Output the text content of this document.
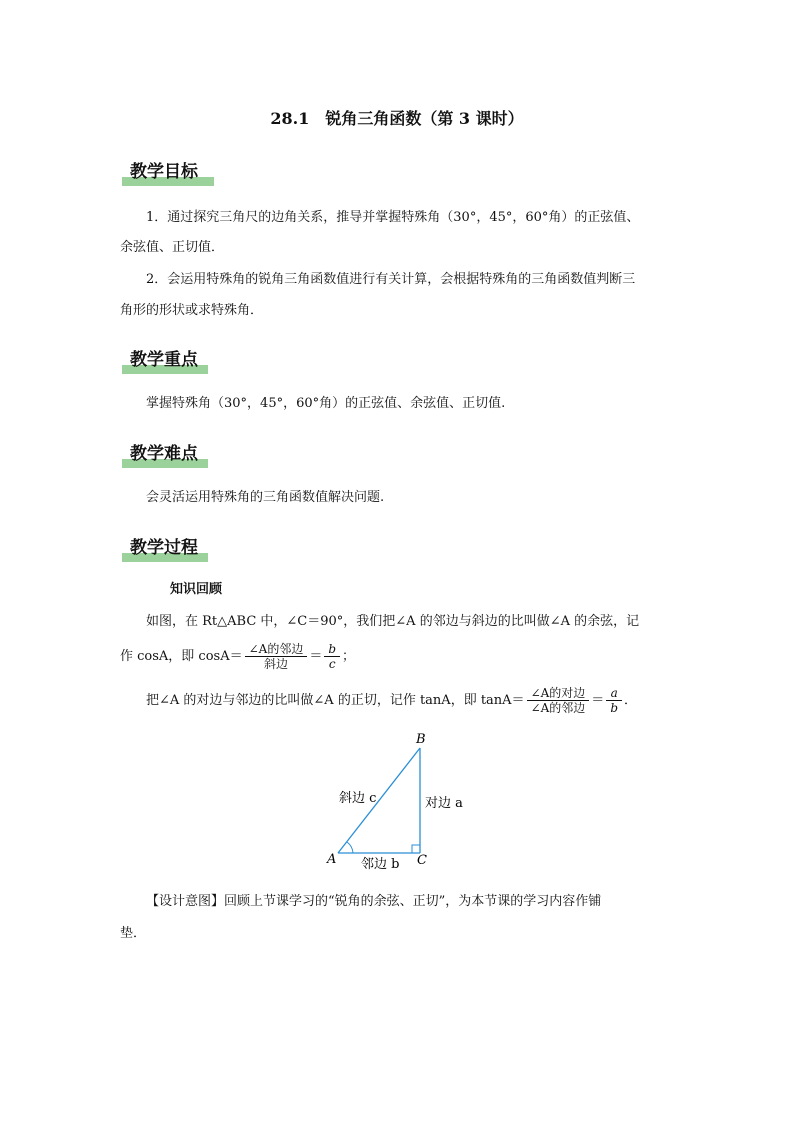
28.1　锐角三角函数（第 3 课时）
教学目标
1．通过探究三角尺的边角关系，推导并掌握特殊角（30°，45°，60°角）的正弦值、
余弦值、正切值．
2．会运用特殊角的锐角三角函数值进行有关计算，会根据特殊角的三角函数值判断三
角形的形状或求特殊角．
教学重点
掌握特殊角（30°，45°，60°角）的正弦值、余弦值、正切值.
教学难点
会灵活运用特殊角的三角函数值解决问题.
教学过程
知识回顾
如图，在 Rt△ABC 中，∠C＝90°，我们把∠A 的邻边与斜边的比叫做∠A 的余弦，记
作 cosA，即 $\cos A= \frac{\text{∠A的邻边}}{\text{斜边}} = \frac{b}{c}$ ；
把∠A 的对边与邻边的比叫做∠A 的正切，记作 tanA，即 $\tan A= \frac{\text{∠A的对边}}{\text{∠A的邻边}} = \frac{a}{b}$ ．
B
A	C
斜边 c	对边 a
邻边 b
【设计意图】回顾上节课学习的“锐角的余弦、正切”，为本节课的学习内容作铺
垫．
